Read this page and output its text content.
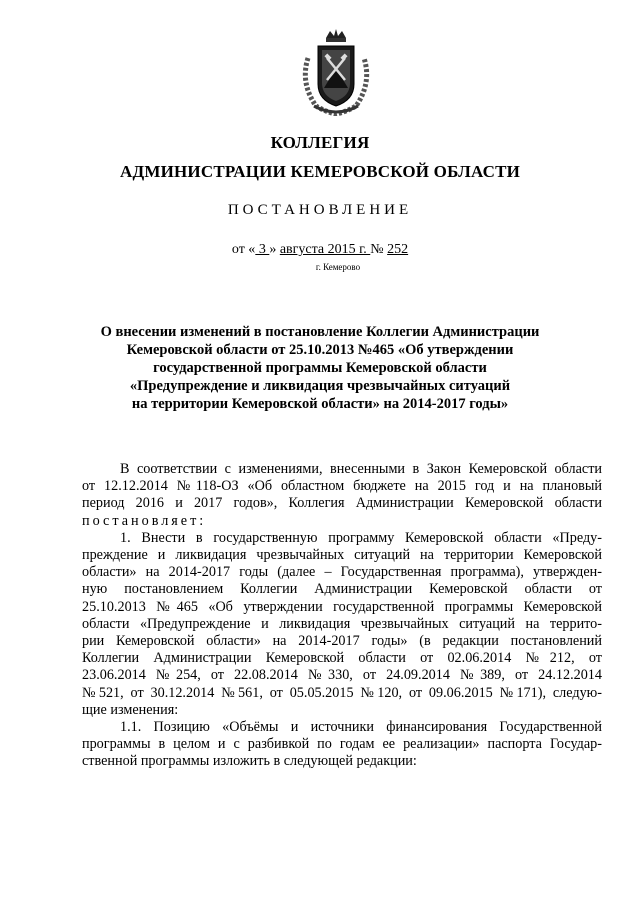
КОЛЛЕГИЯ
АДМИНИСТРАЦИИ КЕМЕРОВСКОЙ ОБЛАСТИ
ПОСТАНОВЛЕНИЕ
от « 3 » августа 2015 г. № 252
г. Кемерово
О внесении изменений в постановление Коллегии Администрации
Кемеровской области от 25.10.2013 №465 «Об утверждении
государственной программы Кемеровской области
«Предупреждение и ликвидация чрезвычайных ситуаций
на территории Кемеровской области» на 2014-2017 годы»

В соответствии с изменениями, внесенными в Закон Кемеровской области

от 12.12.2014 №118-ОЗ «Об областном бюджете на 2015 год и на плановый

период 2016 и 2017 годов», Коллегия Администрации Кемеровской области

постановляет:

1. Внести в государственную программу Кемеровской области «Преду-

преждение и ликвидация чрезвычайных ситуаций на территории Кемеровской

области» на 2014-2017 годы (далее – Государственная программа), утвержден-

ную постановлением Коллегии Администрации Кемеровской области от

25.10.2013 №465 «Об утверждении государственной программы Кемеровской

области «Предупреждение и ликвидация чрезвычайных ситуаций на террито-

рии Кемеровской области» на 2014-2017 годы» (в редакции постановлений

Коллегии Администрации Кемеровской области от 02.06.2014 №212, от

23.06.2014 №254, от 22.08.2014 №330, от 24.09.2014 №389, от 24.12.2014

№521, от 30.12.2014 №561, от 05.05.2015 №120, от 09.06.2015 №171), следую-

щие изменения:

1.1. Позицию «Объёмы и источники финансирования Государственной

программы в целом и с разбивкой по годам ее реализации» паспорта Государ-

ственной программы изложить в следующей редакции:
